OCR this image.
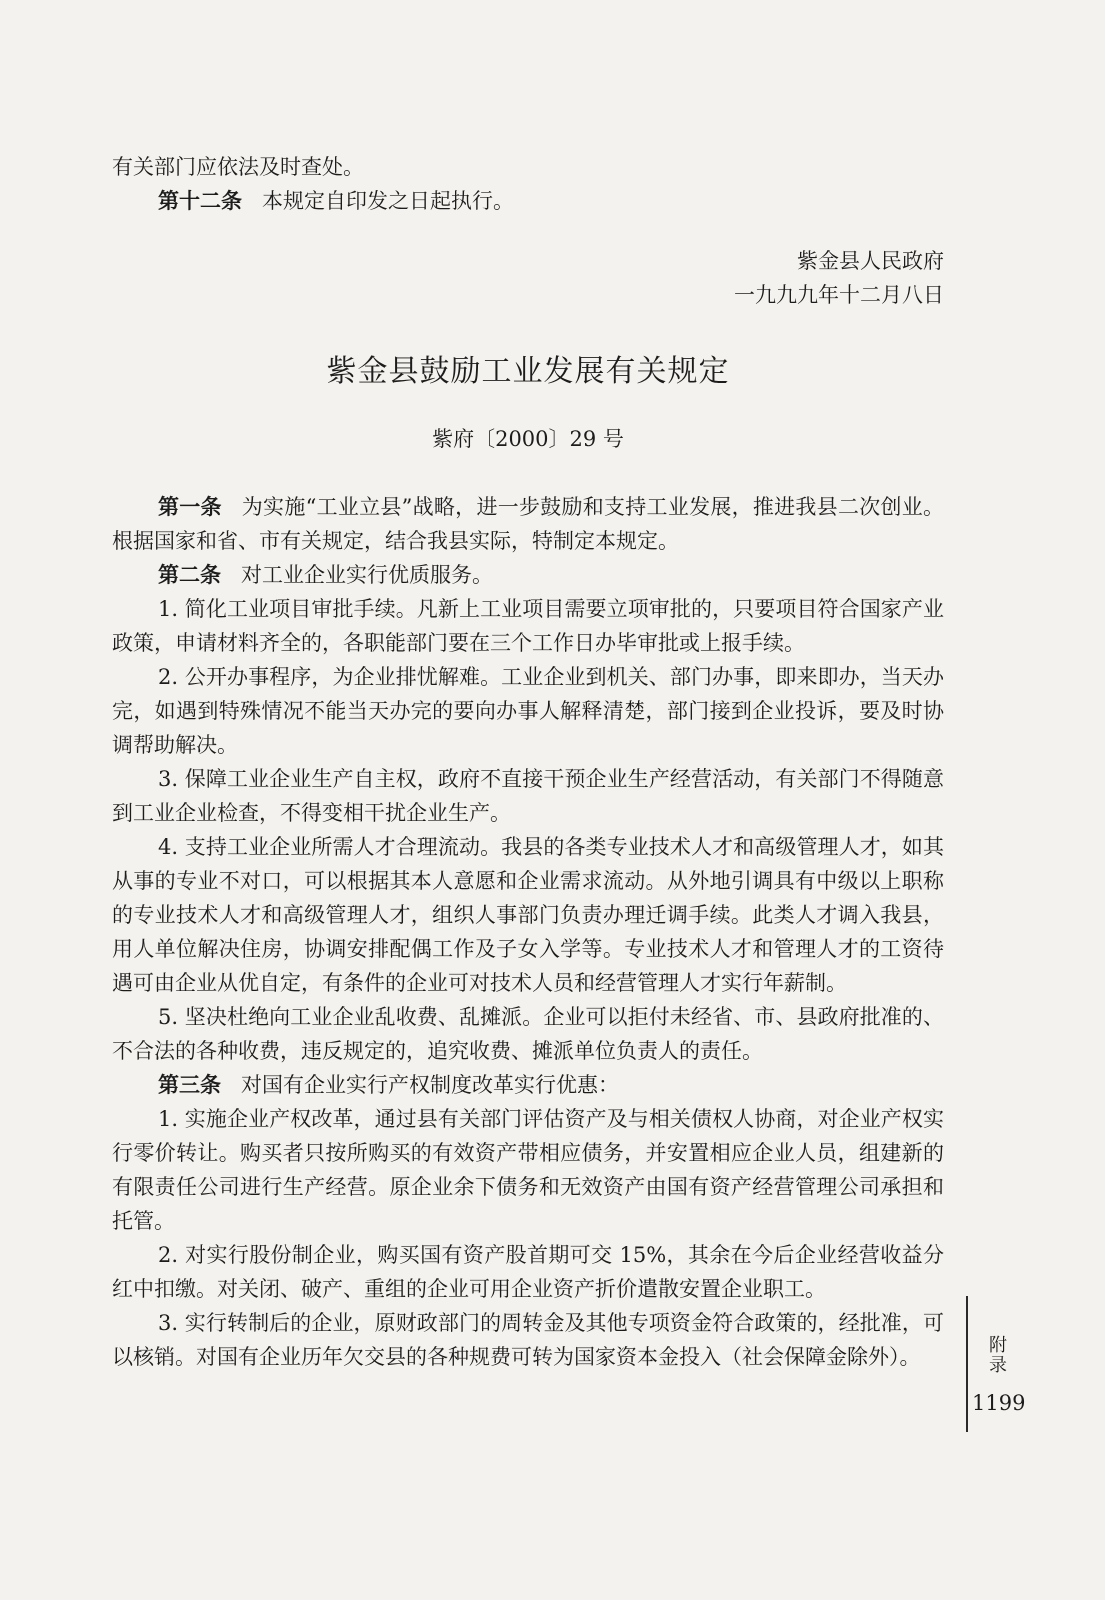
有关部门应依法及时查处。

第十二条 本规定自印发之日起执行。

紫金县人民政府
一九九九年十二月八日
紫金县鼓励工业发展有关规定
紫府〔2000〕29 号

第一条 为实施“工业立县”战略，进一步鼓励和支持工业发展，推进我县二次创业。根据国家和省、市有关规定，结合我县实际，特制定本规定。

第二条 对工业企业实行优质服务。

1. 简化工业项目审批手续。凡新上工业项目需要立项审批的，只要项目符合国家产业政策，申请材料齐全的，各职能部门要在三个工作日办毕审批或上报手续。

2. 公开办事程序，为企业排忧解难。工业企业到机关、部门办事，即来即办，当天办完，如遇到特殊情况不能当天办完的要向办事人解释清楚，部门接到企业投诉，要及时协调帮助解决。

3. 保障工业企业生产自主权，政府不直接干预企业生产经营活动，有关部门不得随意到工业企业检查，不得变相干扰企业生产。

4. 支持工业企业所需人才合理流动。我县的各类专业技术人才和高级管理人才，如其从事的专业不对口，可以根据其本人意愿和企业需求流动。从外地引调具有中级以上职称的专业技术人才和高级管理人才，组织人事部门负责办理迁调手续。此类人才调入我县，用人单位解决住房，协调安排配偶工作及子女入学等。专业技术人才和管理人才的工资待遇可由企业从优自定，有条件的企业可对技术人员和经营管理人才实行年薪制。

5. 坚决杜绝向工业企业乱收费、乱摊派。企业可以拒付未经省、市、县政府批准的、不合法的各种收费，违反规定的，追究收费、摊派单位负责人的责任。

第三条 对国有企业实行产权制度改革实行优惠：

1. 实施企业产权改革，通过县有关部门评估资产及与相关债权人协商，对企业产权实行零价转让。购买者只按所购买的有效资产带相应债务，并安置相应企业人员，组建新的有限责任公司进行生产经营。原企业余下债务和无效资产由国有资产经营管理公司承担和托管。

2. 对实行股份制企业，购买国有资产股首期可交 15%，其余在今后企业经营收益分红中扣缴。对关闭、破产、重组的企业可用企业资产折价遣散安置企业职工。

3. 实行转制后的企业，原财政部门的周转金及其他专项资金符合政策的，经批准，可以核销。对国有企业历年欠交县的各种规费可转为国家资本金投入（社会保障金除外）。	附录
1199
